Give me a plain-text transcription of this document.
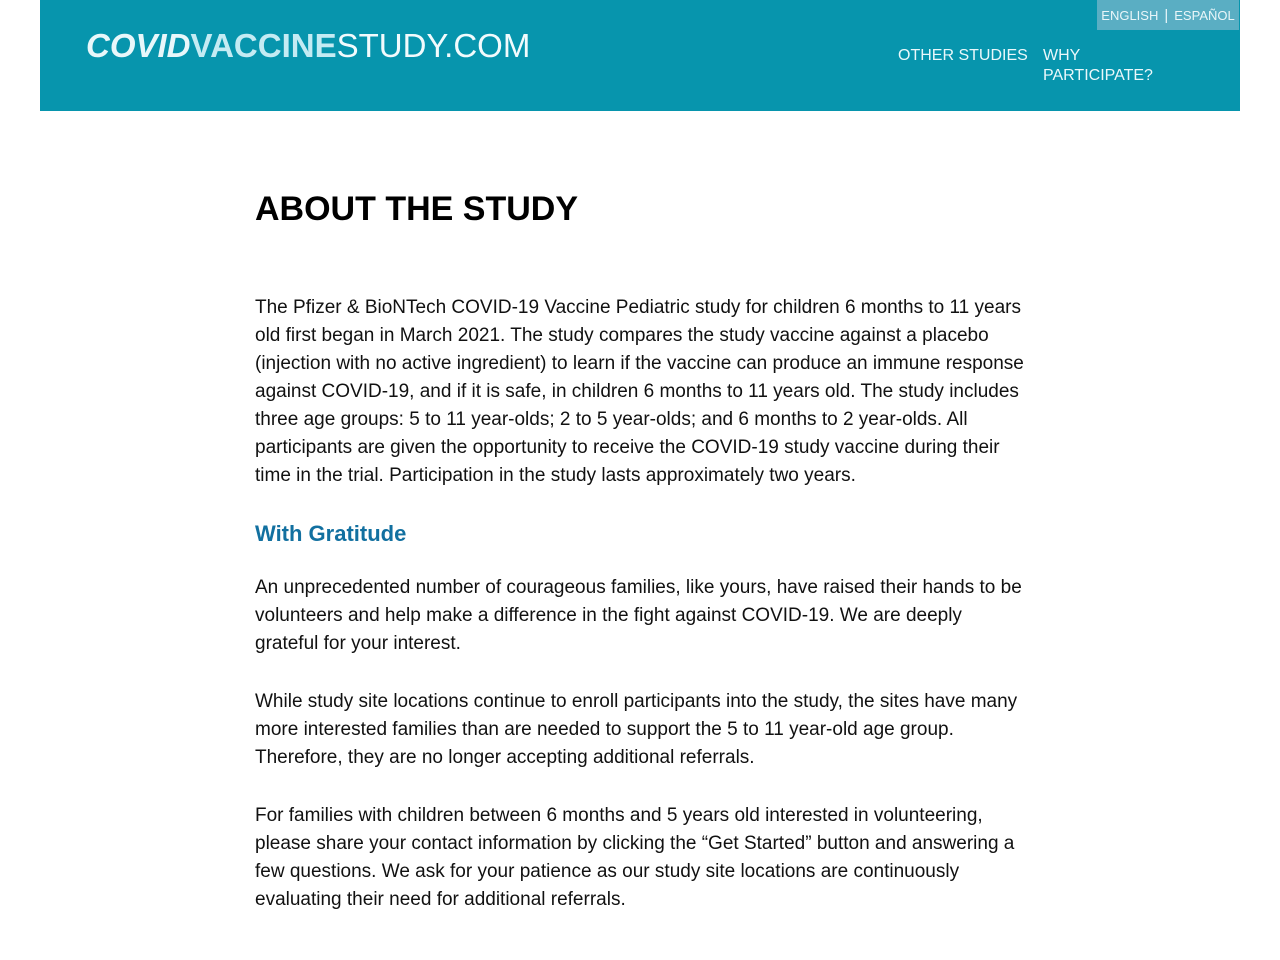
COVIDVACCINESTUDY.COM
ENGLISH | ESPAÑOL
OTHER STUDIES WHY
PARTICIPATE?
ABOUT THE STUDY

The Pfizer & BioNTech COVID-19 Vaccine Pediatric study for children 6 months to 11 years old first began in March 2021. The study compares the study vaccine against a placebo (injection with no active ingredient) to learn if the vaccine can produce an immune response against COVID-19, and if it is safe, in children 6 months to 11 years old. The study includes three age groups: 5 to 11 year-olds; 2 to 5 year-olds; and 6 months to 2 year-olds. All participants are given the opportunity to receive the COVID-19 study vaccine during their time in the trial. Participation in the study lasts approximately two years.

With Gratitude

An unprecedented number of courageous families, like yours, have raised their hands to be volunteers and help make a difference in the fight against COVID-19. We are deeply grateful for your interest.

While study site locations continue to enroll participants into the study, the sites have many more interested families than are needed to support the 5 to 11 year-old age group. Therefore, they are no longer accepting additional referrals.

For families with children between 6 months and 5 years old interested in volunteering, please share your contact information by clicking the “Get Started” button and answering a few questions. We ask for your patience as our study site locations are continuously evaluating their need for additional referrals.
